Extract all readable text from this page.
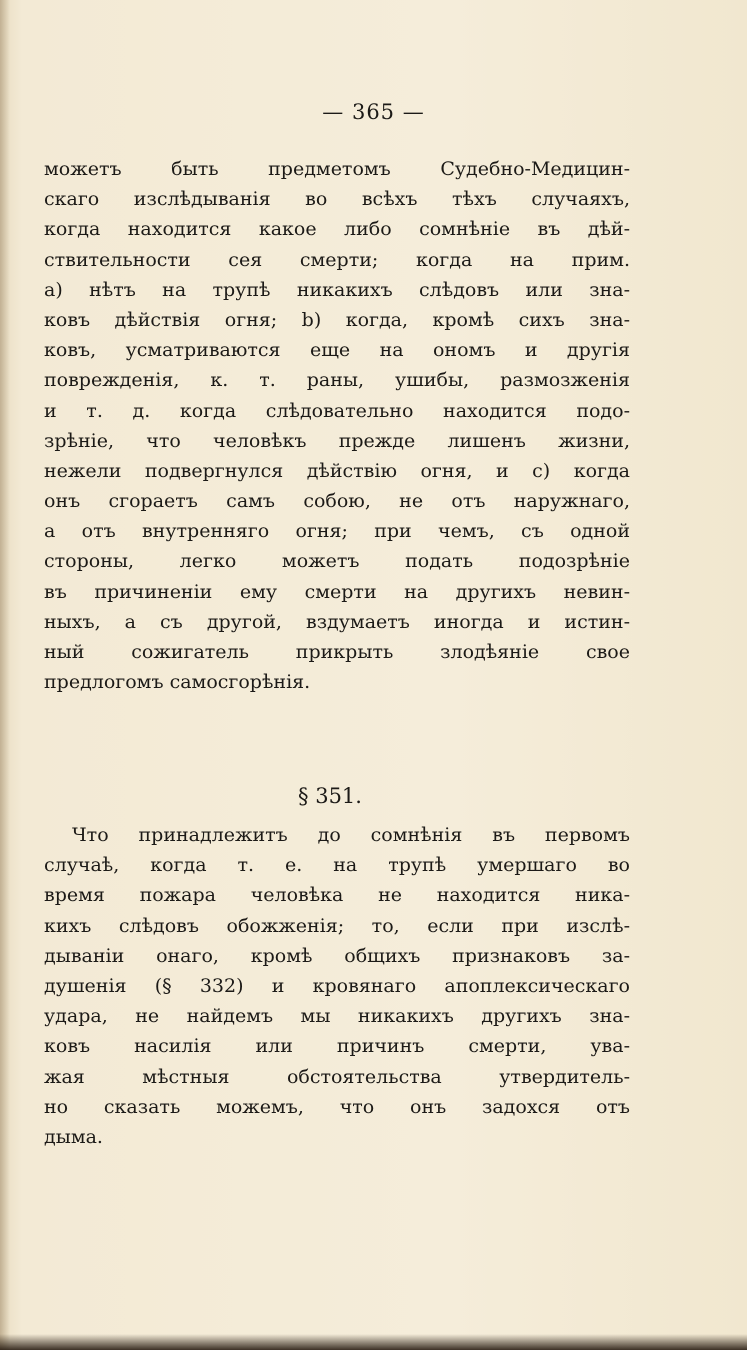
— 365 —
можетъ быть предметомъ Судебно-Медицин-
скаго изслѣдыванія во всѣхъ тѣхъ случаяхъ,
когда находится какое либо сомнѣніе въ дѣй-
ствительности сея смерти; когда на прим.
а) нѣтъ на трупѣ никакихъ слѣдовъ или зна-
ковъ дѣйствія огня; b) когда, кромѣ сихъ зна-
ковъ, усматриваются еще на ономъ и другія
поврежденія, к. т. раны, ушибы, размозженія
и т. д. когда слѣдовательно находится подо-
зрѣніе, что человѣкъ прежде лишенъ жизни,
нежели подвергнулся дѣйствію огня, и с) когда
онъ сгораетъ самъ собою, не отъ наружнаго,
а отъ внутренняго огня; при чемъ, съ одной
стороны, легко можетъ подать подозрѣніе
въ причиненіи ему смерти на другихъ невин-
ныхъ, а съ другой, вздумаетъ иногда и истин-
ный сожигатель прикрыть злодѣяніе свое
предлогомъ самосгорѣнія.
§ 351.
Что принадлежитъ до сомнѣнія въ первомъ
случаѣ, когда т. е. на трупѣ умершаго во
время пожара человѣка не находится ника-
кихъ слѣдовъ обожженія; то, если при изслѣ-
дываніи онаго, кромѣ общихъ признаковъ за-
душенія (§ 332) и кровянаго апоплексическаго
удара, не найдемъ мы никакихъ другихъ зна-
ковъ насилія или причинъ смерти, ува-
жая мѣстныя обстоятельства утвердитель-
но сказать можемъ, что онъ задохся отъ
дыма.
